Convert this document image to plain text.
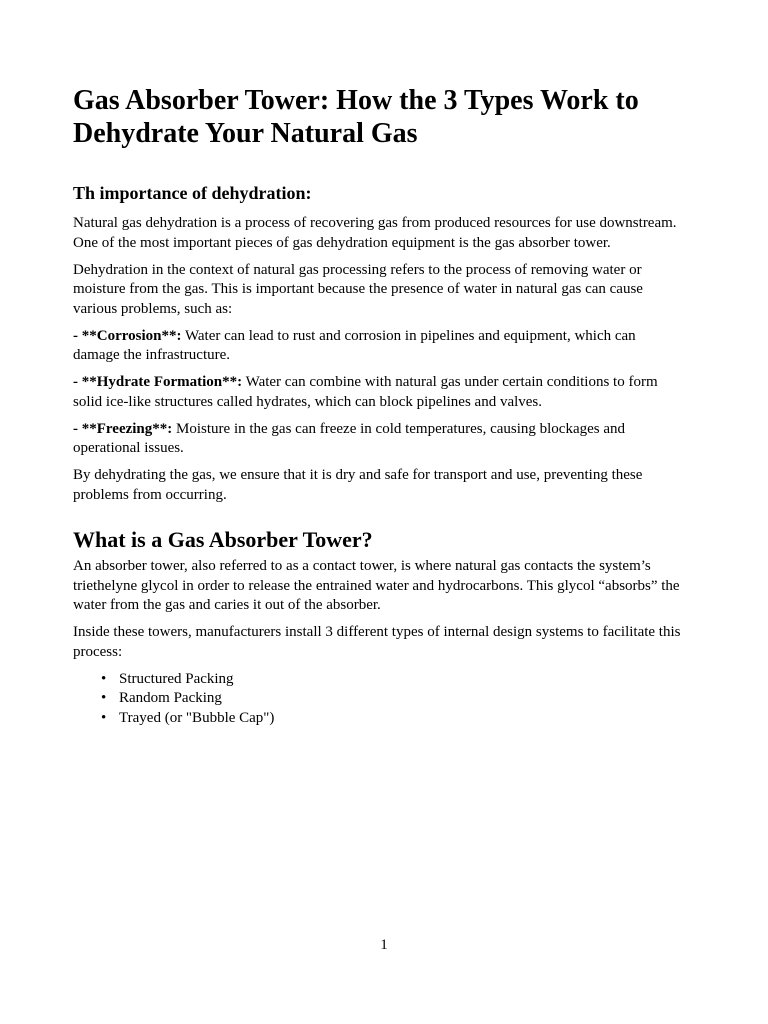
Gas Absorber Tower: How the 3 Types Work to Dehydrate Your Natural Gas
Th importance of dehydration:

Natural gas dehydration is a process of recovering gas from produced resources for use downstream. One of the most important pieces of gas dehydration equipment is the gas absorber tower.

Dehydration in the context of natural gas processing refers to the process of removing water or moisture from the gas. This is important because the presence of water in natural gas can cause various problems, such as:

- **Corrosion**: Water can lead to rust and corrosion in pipelines and equipment, which can damage the infrastructure.

- **Hydrate Formation**: Water can combine with natural gas under certain conditions to form solid ice-like structures called hydrates, which can block pipelines and valves.

- **Freezing**: Moisture in the gas can freeze in cold temperatures, causing blockages and operational issues.

By dehydrating the gas, we ensure that it is dry and safe for transport and use, preventing these problems from occurring.

What is a Gas Absorber Tower?

An absorber tower, also referred to as a contact tower, is where natural gas contacts the system’s triethelyne glycol in order to release the entrained water and hydrocarbons. This glycol “absorbs” the water from the gas and caries it out of the absorber.

Inside these towers, manufacturers install 3 different types of internal design systems to facilitate this process:

• Structured Packing
• Random Packing
• Trayed (or "Bubble Cap")
1
